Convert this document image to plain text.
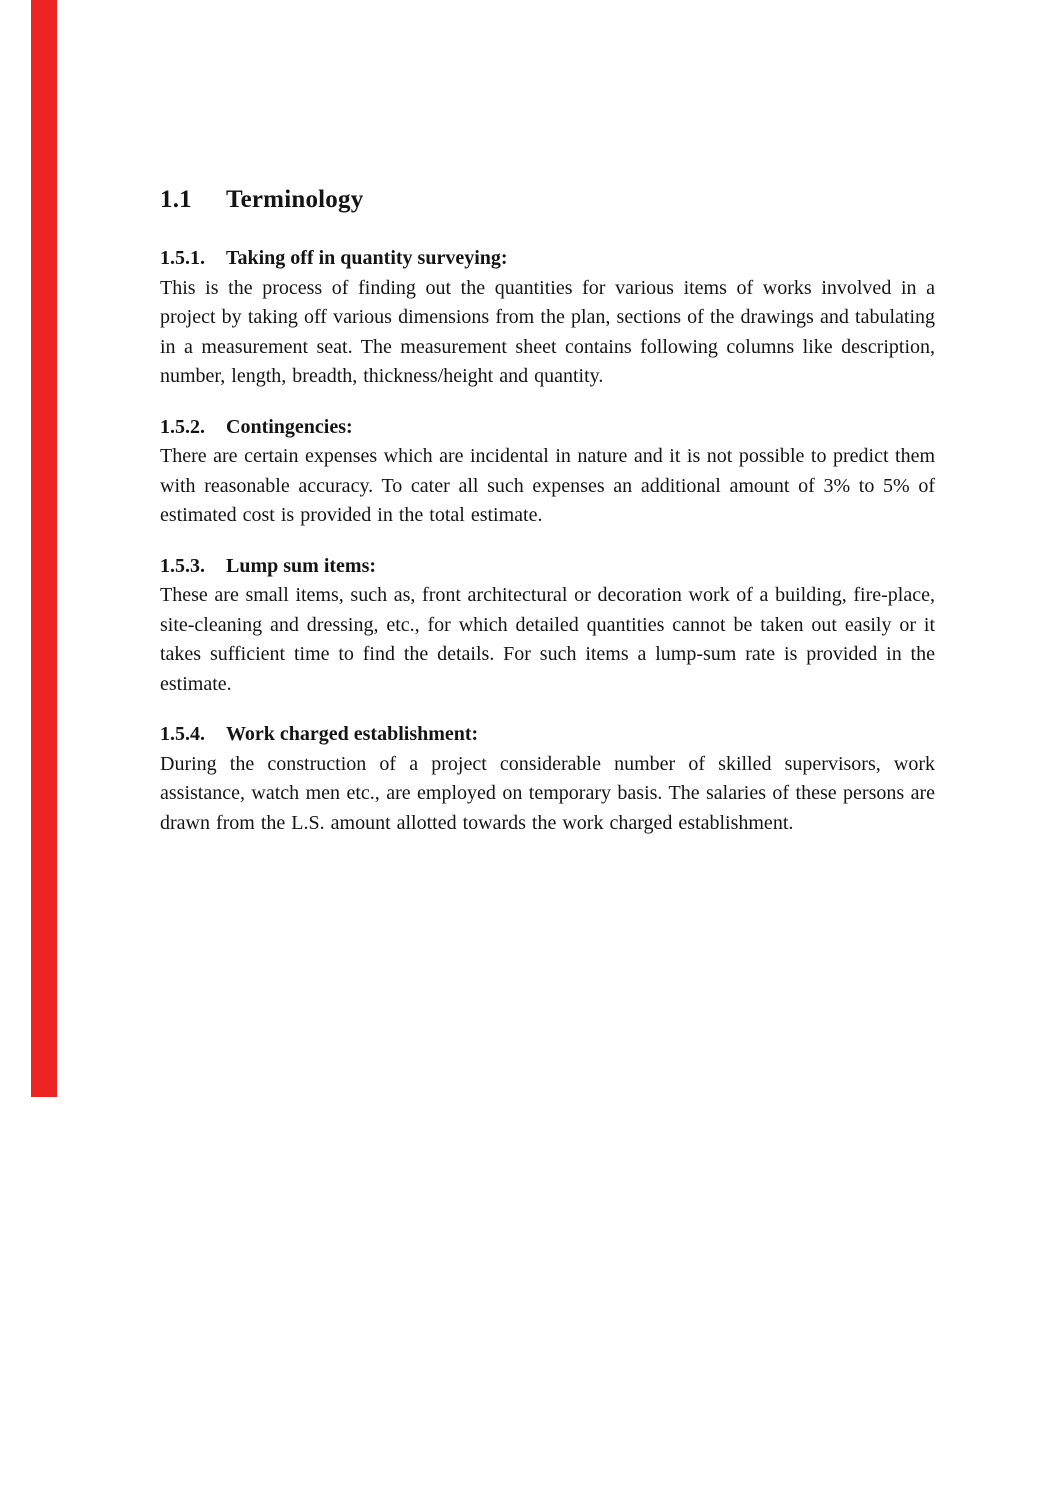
1.1 Terminology

1.5.1. Taking off in quantity surveying:

This is the process of finding out the quantities for various items of works involved in a project by taking off various dimensions from the plan, sections of the drawings and tabulating in a measurement seat. The measurement sheet contains following columns like description, number, length, breadth, thickness/height and quantity.

1.5.2. Contingencies:

There are certain expenses which are incidental in nature and it is not possible to predict them with reasonable accuracy. To cater all such expenses an additional amount of 3% to 5% of estimated cost is provided in the total estimate.

1.5.3. Lump sum items:

These are small items, such as, front architectural or decoration work of a building, fire-place, site-cleaning and dressing, etc., for which detailed quantities cannot be taken out easily or it takes sufficient time to find the details. For such items a lump-sum rate is provided in the estimate.

1.5.4. Work charged establishment:

During the construction of a project considerable number of skilled supervisors, work assistance, watch men etc., are employed on temporary basis. The salaries of these persons are drawn from the L.S. amount allotted towards the work charged establishment.
